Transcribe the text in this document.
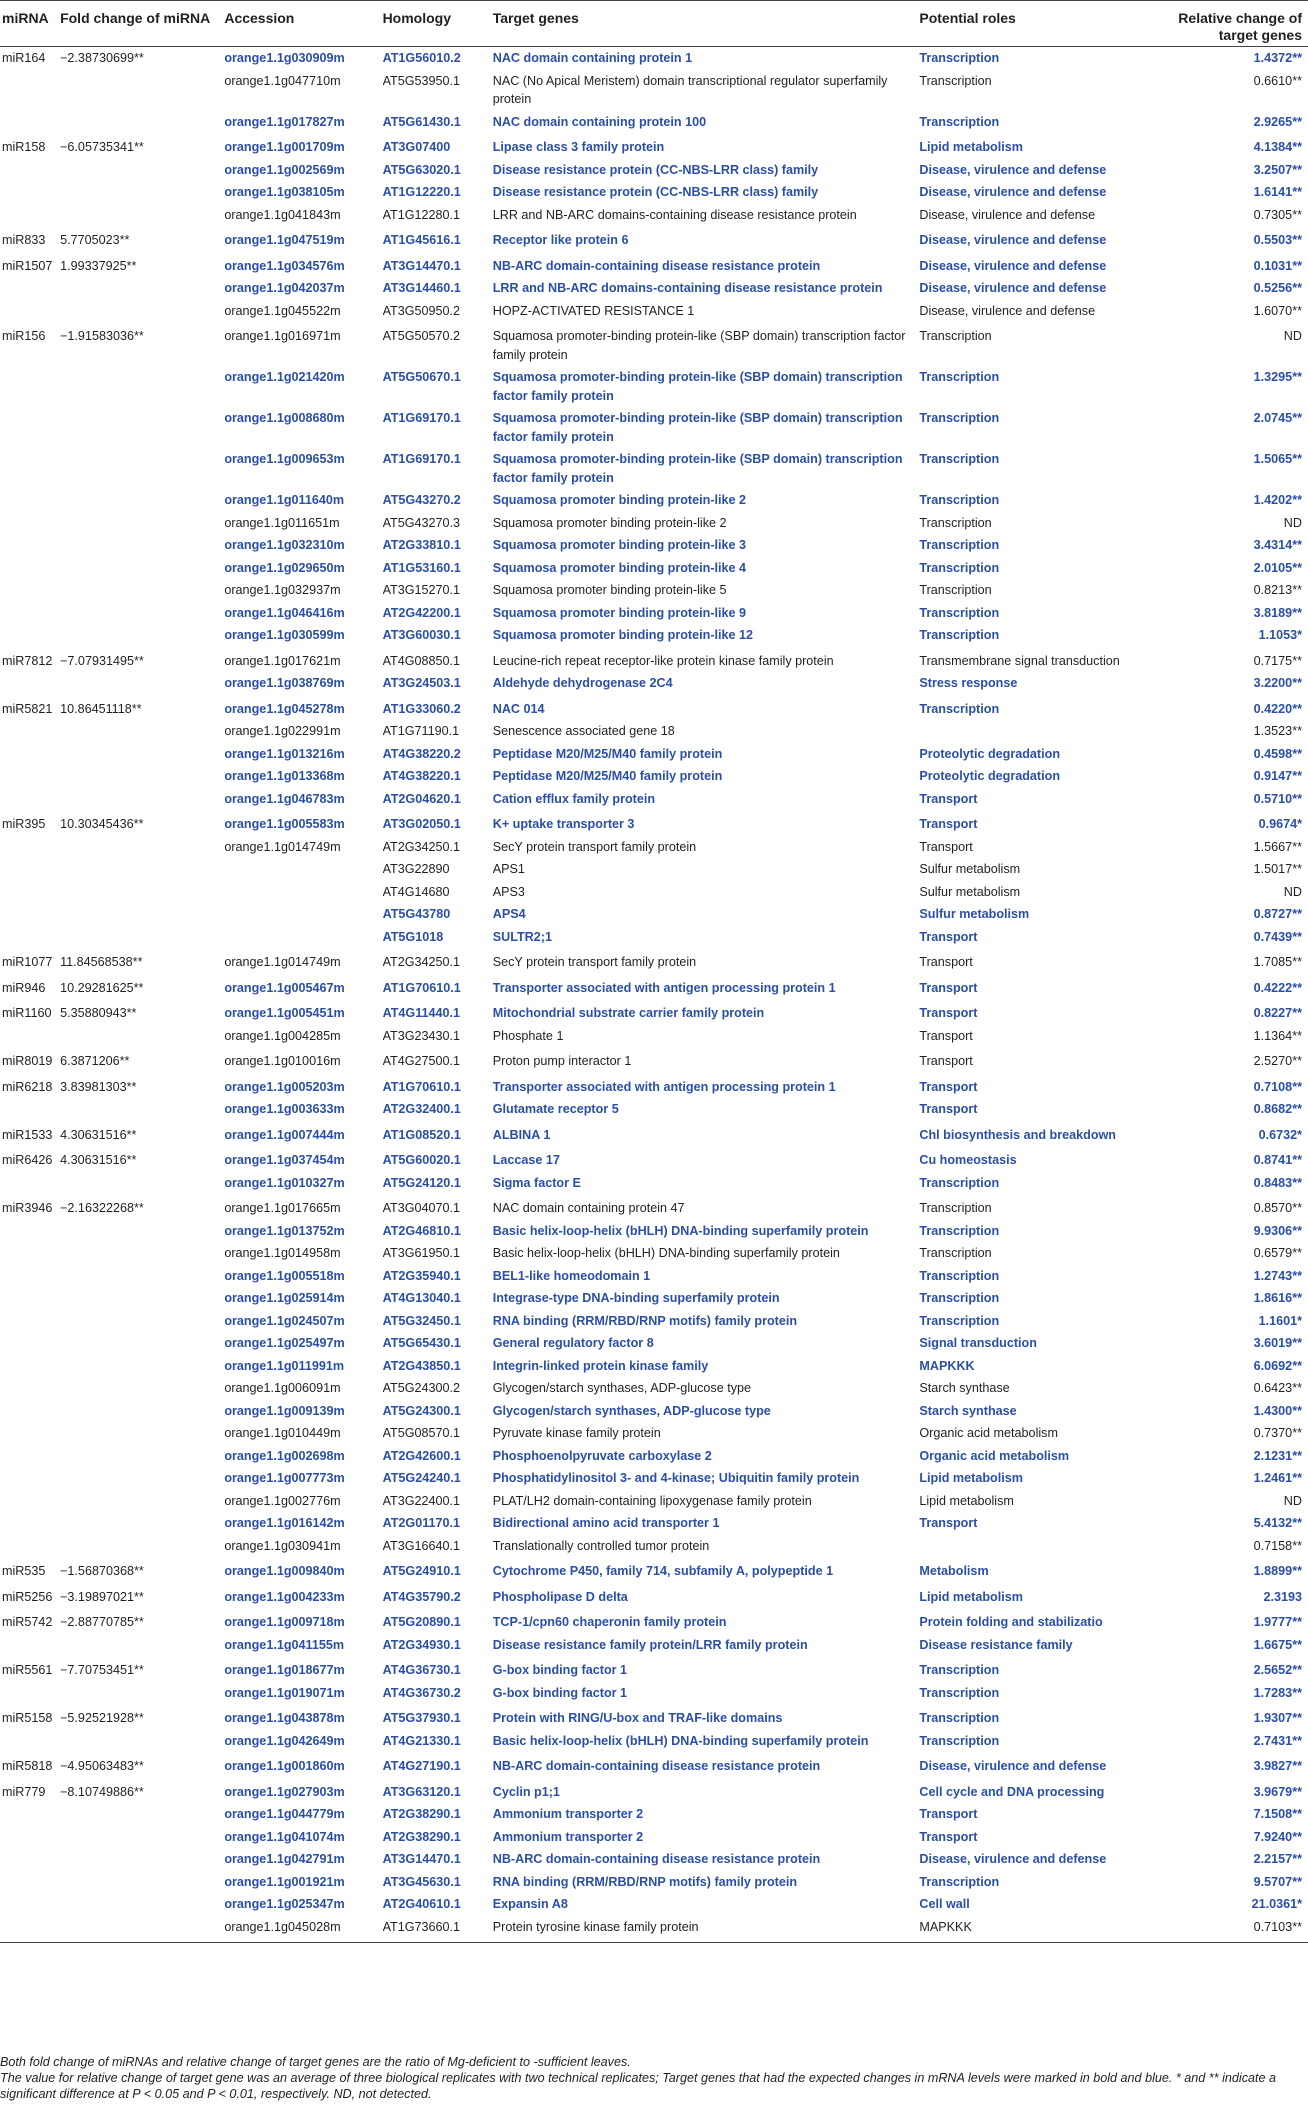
miRNA	Fold change of miRNA	Accession	Homology	Target genes	Potential roles	Relative change of target genes
miR164	−2.38730699**	orange1.1g030909m	AT1G56010.2	NAC domain containing protein 1	Transcription	1.4372**
		orange1.1g047710m	AT5G53950.1	NAC (No Apical Meristem) domain transcriptional regulator superfamily protein	Transcription	0.6610**
		orange1.1g017827m	AT5G61430.1	NAC domain containing protein 100	Transcription	2.9265**
miR158	−6.05735341**	orange1.1g001709m	AT3G07400	Lipase class 3 family protein	Lipid metabolism	4.1384**
		orange1.1g002569m	AT5G63020.1	Disease resistance protein (CC-NBS-LRR class) family	Disease, virulence and defense	3.2507**
		orange1.1g038105m	AT1G12220.1	Disease resistance protein (CC-NBS-LRR class) family	Disease, virulence and defense	1.6141**
		orange1.1g041843m	AT1G12280.1	LRR and NB-ARC domains-containing disease resistance protein	Disease, virulence and defense	0.7305**
miR833	5.7705023**	orange1.1g047519m	AT1G45616.1	Receptor like protein 6	Disease, virulence and defense	0.5503**
miR1507	1.99337925**	orange1.1g034576m	AT3G14470.1	NB-ARC domain-containing disease resistance protein	Disease, virulence and defense	0.1031**
		orange1.1g042037m	AT3G14460.1	LRR and NB-ARC domains-containing disease resistance protein	Disease, virulence and defense	0.5256**
		orange1.1g045522m	AT3G50950.2	HOPZ-ACTIVATED RESISTANCE 1	Disease, virulence and defense	1.6070**
miR156	−1.91583036**	orange1.1g016971m	AT5G50570.2	Squamosa promoter-binding protein-like (SBP domain) transcription factor family protein	Transcription	ND
		orange1.1g021420m	AT5G50670.1	Squamosa promoter-binding protein-like (SBP domain) transcription factor family protein	Transcription	1.3295**
		orange1.1g008680m	AT1G69170.1	Squamosa promoter-binding protein-like (SBP domain) transcription factor family protein	Transcription	2.0745**
		orange1.1g009653m	AT1G69170.1	Squamosa promoter-binding protein-like (SBP domain) transcription factor family protein	Transcription	1.5065**
		orange1.1g011640m	AT5G43270.2	Squamosa promoter binding protein-like 2	Transcription	1.4202**
		orange1.1g011651m	AT5G43270.3	Squamosa promoter binding protein-like 2	Transcription	ND
		orange1.1g032310m	AT2G33810.1	Squamosa promoter binding protein-like 3	Transcription	3.4314**
		orange1.1g029650m	AT1G53160.1	Squamosa promoter binding protein-like 4	Transcription	2.0105**
		orange1.1g032937m	AT3G15270.1	Squamosa promoter binding protein-like 5	Transcription	0.8213**
		orange1.1g046416m	AT2G42200.1	Squamosa promoter binding protein-like 9	Transcription	3.8189**
		orange1.1g030599m	AT3G60030.1	Squamosa promoter binding protein-like 12	Transcription	1.1053*
miR7812	−7.07931495**	orange1.1g017621m	AT4G08850.1	Leucine-rich repeat receptor-like protein kinase family protein	Transmembrane signal transduction	0.7175**
		orange1.1g038769m	AT3G24503.1	Aldehyde dehydrogenase 2C4	Stress response	3.2200**
miR5821	10.86451118**	orange1.1g045278m	AT1G33060.2	NAC 014	Transcription	0.4220**
		orange1.1g022991m	AT1G71190.1	Senescence associated gene 18		1.3523**
		orange1.1g013216m	AT4G38220.2	Peptidase M20/M25/M40 family protein	Proteolytic degradation	0.4598**
		orange1.1g013368m	AT4G38220.1	Peptidase M20/M25/M40 family protein	Proteolytic degradation	0.9147**
		orange1.1g046783m	AT2G04620.1	Cation efflux family protein	Transport	0.5710**
miR395	10.30345436**	orange1.1g005583m	AT3G02050.1	K+ uptake transporter 3	Transport	0.9674*
		orange1.1g014749m	AT2G34250.1	SecY protein transport family protein	Transport	1.5667**
			AT3G22890	APS1	Sulfur metabolism	1.5017**
			AT4G14680	APS3	Sulfur metabolism	ND
			AT5G43780	APS4	Sulfur metabolism	0.8727**
			AT5G1018	SULTR2;1	Transport	0.7439**
miR1077	11.84568538**	orange1.1g014749m	AT2G34250.1	SecY protein transport family protein	Transport	1.7085**
miR946	10.29281625**	orange1.1g005467m	AT1G70610.1	Transporter associated with antigen processing protein 1	Transport	0.4222**
miR1160	5.35880943**	orange1.1g005451m	AT4G11440.1	Mitochondrial substrate carrier family protein	Transport	0.8227**
		orange1.1g004285m	AT3G23430.1	Phosphate 1	Transport	1.1364**
miR8019	6.3871206**	orange1.1g010016m	AT4G27500.1	Proton pump interactor 1	Transport	2.5270**
miR6218	3.83981303**	orange1.1g005203m	AT1G70610.1	Transporter associated with antigen processing protein 1	Transport	0.7108**
		orange1.1g003633m	AT2G32400.1	Glutamate receptor 5	Transport	0.8682**
miR1533	4.30631516**	orange1.1g007444m	AT1G08520.1	ALBINA 1	Chl biosynthesis and breakdown	0.6732*
miR6426	4.30631516**	orange1.1g037454m	AT5G60020.1	Laccase 17	Cu homeostasis	0.8741**
		orange1.1g010327m	AT5G24120.1	Sigma factor E	Transcription	0.8483**
miR3946	−2.16322268**	orange1.1g017665m	AT3G04070.1	NAC domain containing protein 47	Transcription	0.8570**
		orange1.1g013752m	AT2G46810.1	Basic helix-loop-helix (bHLH) DNA-binding superfamily protein	Transcription	9.9306**
		orange1.1g014958m	AT3G61950.1	Basic helix-loop-helix (bHLH) DNA-binding superfamily protein	Transcription	0.6579**
		orange1.1g005518m	AT2G35940.1	BEL1-like homeodomain 1	Transcription	1.2743**
		orange1.1g025914m	AT4G13040.1	Integrase-type DNA-binding superfamily protein	Transcription	1.8616**
		orange1.1g024507m	AT5G32450.1	RNA binding (RRM/RBD/RNP motifs) family protein	Transcription	1.1601*
		orange1.1g025497m	AT5G65430.1	General regulatory factor 8	Signal transduction	3.6019**
		orange1.1g011991m	AT2G43850.1	Integrin-linked protein kinase family	MAPKKK	6.0692**
		orange1.1g006091m	AT5G24300.2	Glycogen/starch synthases, ADP-glucose type	Starch synthase	0.6423**
		orange1.1g009139m	AT5G24300.1	Glycogen/starch synthases, ADP-glucose type	Starch synthase	1.4300**
		orange1.1g010449m	AT5G08570.1	Pyruvate kinase family protein	Organic acid metabolism	0.7370**
		orange1.1g002698m	AT2G42600.1	Phosphoenolpyruvate carboxylase 2	Organic acid metabolism	2.1231**
		orange1.1g007773m	AT5G24240.1	Phosphatidylinositol 3- and 4-kinase; Ubiquitin family protein	Lipid metabolism	1.2461**
		orange1.1g002776m	AT3G22400.1	PLAT/LH2 domain-containing lipoxygenase family protein	Lipid metabolism	ND
		orange1.1g016142m	AT2G01170.1	Bidirectional amino acid transporter 1	Transport	5.4132**
		orange1.1g030941m	AT3G16640.1	Translationally controlled tumor protein		0.7158**
miR535	−1.56870368**	orange1.1g009840m	AT5G24910.1	Cytochrome P450, family 714, subfamily A, polypeptide 1	Metabolism	1.8899**
miR5256	−3.19897021**	orange1.1g004233m	AT4G35790.2	Phospholipase D delta	Lipid metabolism	2.3193
miR5742	−2.88770785**	orange1.1g009718m	AT5G20890.1	TCP-1/cpn60 chaperonin family protein	Protein folding and stabilizatio	1.9777**
		orange1.1g041155m	AT2G34930.1	Disease resistance family protein/LRR family protein	Disease resistance family	1.6675**
miR5561	−7.70753451**	orange1.1g018677m	AT4G36730.1	G-box binding factor 1	Transcription	2.5652**
		orange1.1g019071m	AT4G36730.2	G-box binding factor 1	Transcription	1.7283**
miR5158	−5.92521928**	orange1.1g043878m	AT5G37930.1	Protein with RING/U-box and TRAF-like domains	Transcription	1.9307**
		orange1.1g042649m	AT4G21330.1	Basic helix-loop-helix (bHLH) DNA-binding superfamily protein	Transcription	2.7431**
miR5818	−4.95063483**	orange1.1g001860m	AT4G27190.1	NB-ARC domain-containing disease resistance protein	Disease, virulence and defense	3.9827**
miR779	−8.10749886**	orange1.1g027903m	AT3G63120.1	Cyclin p1;1	Cell cycle and DNA processing	3.9679**
		orange1.1g044779m	AT2G38290.1	Ammonium transporter 2	Transport	7.1508**
		orange1.1g041074m	AT2G38290.1	Ammonium transporter 2	Transport	7.9240**
		orange1.1g042791m	AT3G14470.1	NB-ARC domain-containing disease resistance protein	Disease, virulence and defense	2.2157**
		orange1.1g001921m	AT3G45630.1	RNA binding (RRM/RBD/RNP motifs) family protein	Transcription	9.5707**
		orange1.1g025347m	AT2G40610.1	Expansin A8	Cell wall	21.0361*
		orange1.1g045028m	AT1G73660.1	Protein tyrosine kinase family protein	MAPKKK	0.7103**
Both fold change of miRNAs and relative change of target genes are the ratio of Mg-deficient to -sufficient leaves.
The value for relative change of target gene was an average of three biological replicates with two technical replicates; Target genes that had the expected changes in mRNA levels were marked in bold and blue. * and ** indicate a significant difference at P < 0.05 and P < 0.01, respectively. ND, not detected.
